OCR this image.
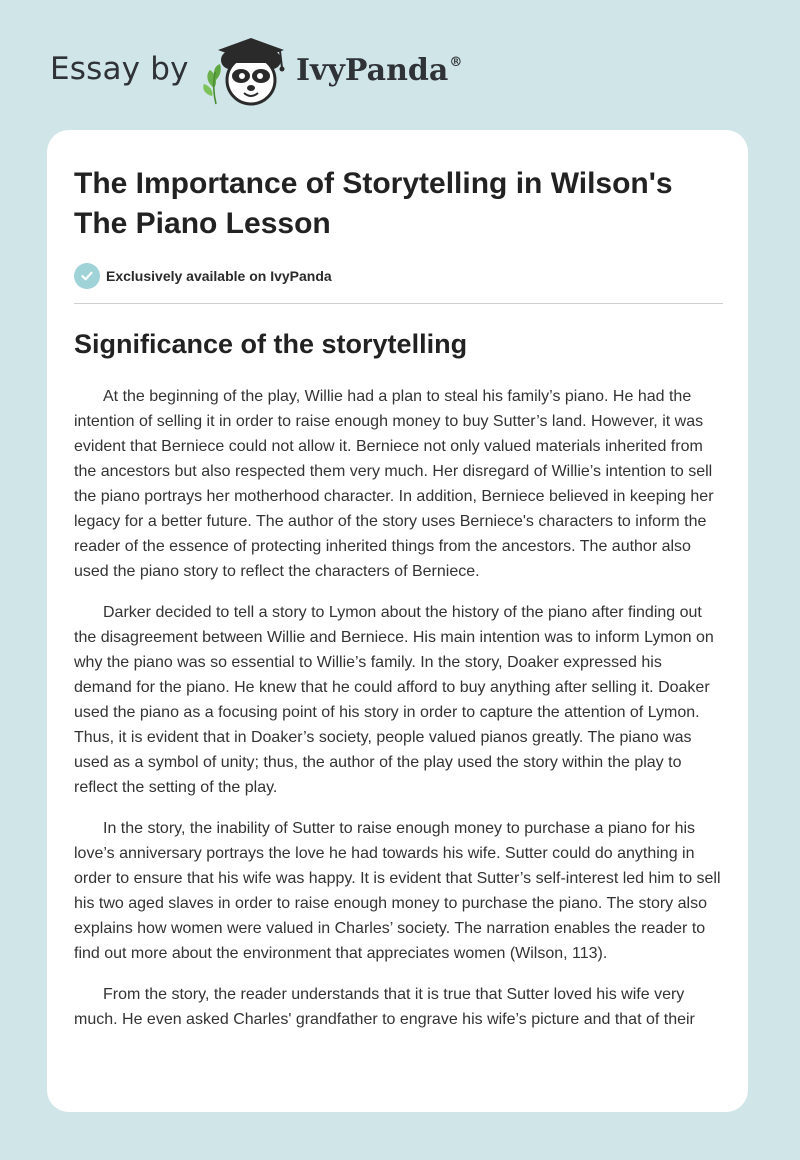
Essay by	IvyPanda®
The Importance of Storytelling in Wilson's The Piano Lesson
Exclusively available on IvyPanda
Significance of the storytelling

At the beginning of the play, Willie had a plan to steal his family’s piano. He had the intention of selling it in order to raise enough money to buy Sutter’s land. However, it was evident that Berniece could not allow it. Berniece not only valued materials inherited from the ancestors but also respected them very much. Her disregard of Willie’s intention to sell the piano portrays her motherhood character. In addition, Berniece believed in keeping her legacy for a better future. The author of the story uses Berniece's characters to inform the reader of the essence of protecting inherited things from the ancestors. The author also used the piano story to reflect the characters of Berniece.

Darker decided to tell a story to Lymon about the history of the piano after finding out the disagreement between Willie and Berniece. His main intention was to inform Lymon on why the piano was so essential to Willie’s family. In the story, Doaker expressed his demand for the piano. He knew that he could afford to buy anything after selling it. Doaker used the piano as a focusing point of his story in order to capture the attention of Lymon. Thus, it is evident that in Doaker’s society, people valued pianos greatly. The piano was used as a symbol of unity; thus, the author of the play used the story within the play to reflect the setting of the play.

In the story, the inability of Sutter to raise enough money to purchase a piano for his love’s anniversary portrays the love he had towards his wife. Sutter could do anything in order to ensure that his wife was happy. It is evident that Sutter’s self-interest led him to sell his two aged slaves in order to raise enough money to purchase the piano. The story also explains how women were valued in Charles’ society. The narration enables the reader to find out more about the environment that appreciates women (Wilson, 113).

From the story, the reader understands that it is true that Sutter loved his wife very much. He even asked Charles' grandfather to engrave his wife’s picture and that of their
